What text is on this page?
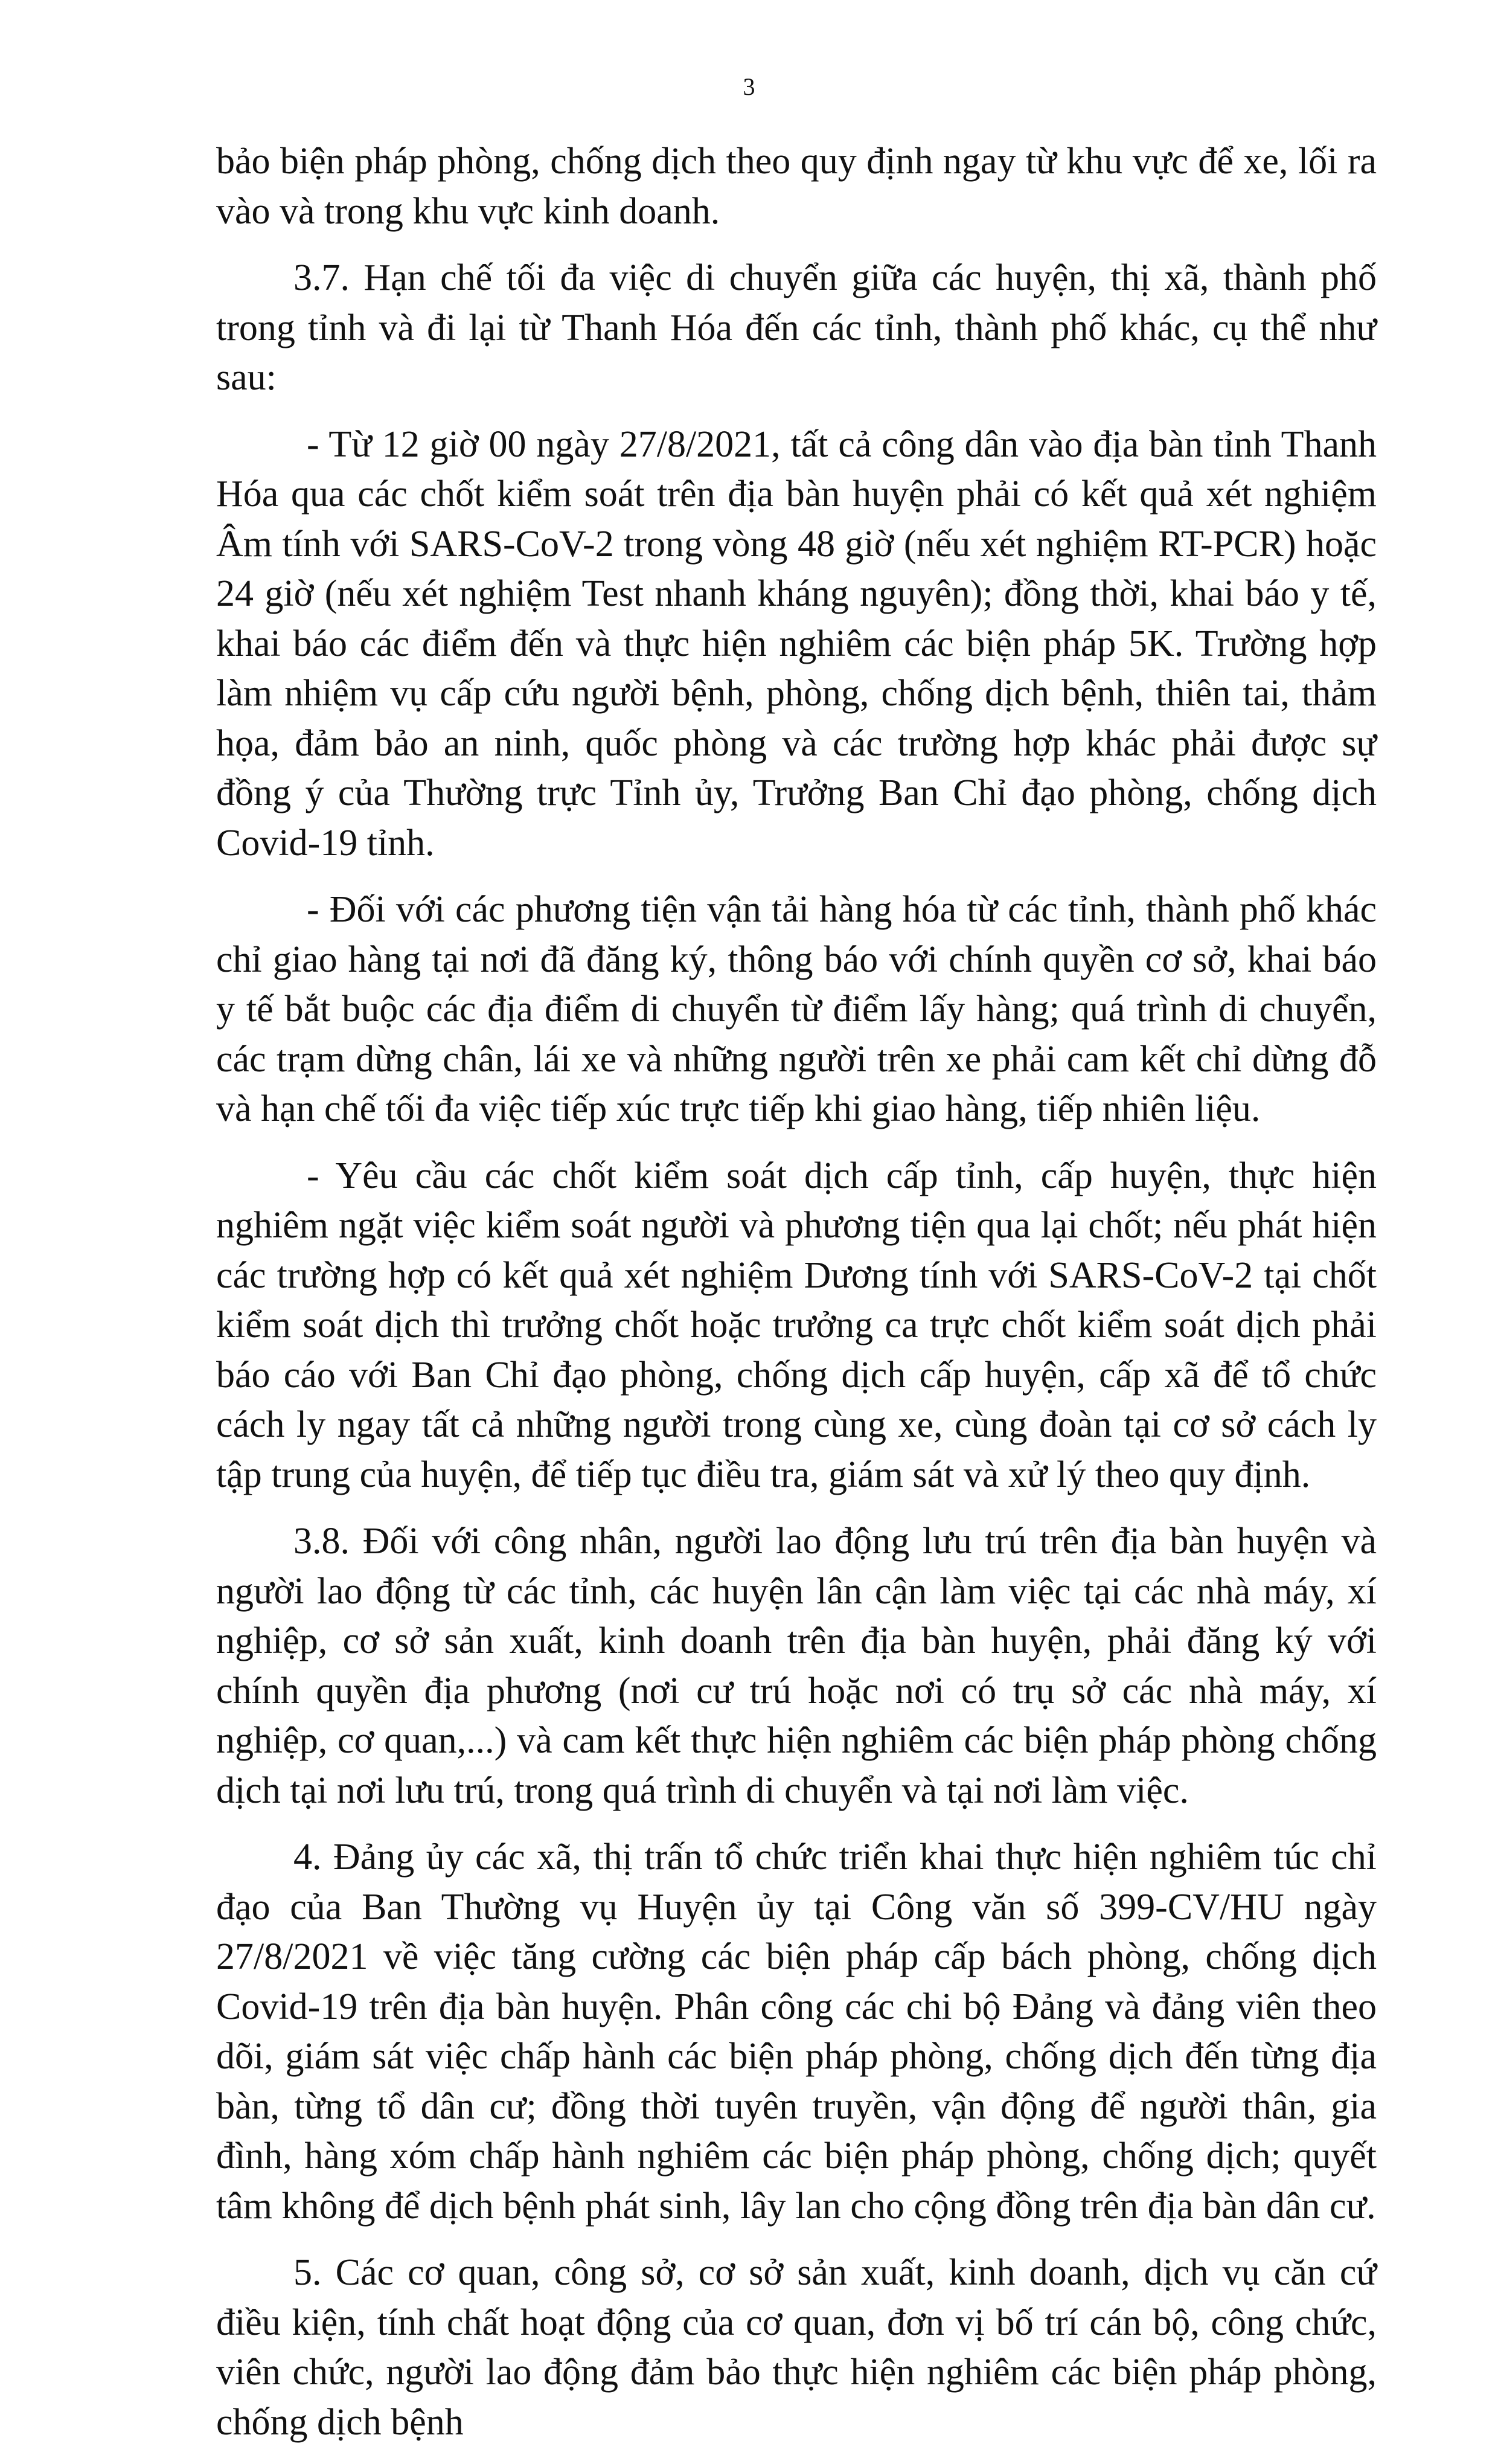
3

bảo biện pháp phòng, chống dịch theo quy định ngay từ khu vực để xe, lối ra vào và trong khu vực kinh doanh.

3.7. Hạn chế tối đa việc di chuyển giữa các huyện, thị xã, thành phố trong tỉnh và đi lại từ Thanh Hóa đến các tỉnh, thành phố khác, cụ thể như sau:

- Từ 12 giờ 00 ngày 27/8/2021, tất cả công dân vào địa bàn tỉnh Thanh Hóa qua các chốt kiểm soát trên địa bàn huyện phải có kết quả xét nghiệm Âm tính với SARS-CoV-2 trong vòng 48 giờ (nếu xét nghiệm RT-PCR) hoặc 24 giờ (nếu xét nghiệm Test nhanh kháng nguyên); đồng thời, khai báo y tế, khai báo các điểm đến và thực hiện nghiêm các biện pháp 5K. Trường hợp làm nhiệm vụ cấp cứu người bệnh, phòng, chống dịch bệnh, thiên tai, thảm họa, đảm bảo an ninh, quốc phòng và các trường hợp khác phải được sự đồng ý của Thường trực Tỉnh ủy, Trưởng Ban Chỉ đạo phòng, chống dịch Covid-19 tỉnh.

- Đối với các phương tiện vận tải hàng hóa từ các tỉnh, thành phố khác chỉ giao hàng tại nơi đã đăng ký, thông báo với chính quyền cơ sở, khai báo y tế bắt buộc các địa điểm di chuyển từ điểm lấy hàng; quá trình di chuyển, các trạm dừng chân, lái xe và những người trên xe phải cam kết chỉ dừng đỗ và hạn chế tối đa việc tiếp xúc trực tiếp khi giao hàng, tiếp nhiên liệu.

- Yêu cầu các chốt kiểm soát dịch cấp tỉnh, cấp huyện, thực hiện nghiêm ngặt việc kiểm soát người và phương tiện qua lại chốt; nếu phát hiện các trường hợp có kết quả xét nghiệm Dương tính với SARS-CoV-2 tại chốt kiểm soát dịch thì trưởng chốt hoặc trưởng ca trực chốt kiểm soát dịch phải báo cáo với Ban Chỉ đạo phòng, chống dịch cấp huyện, cấp xã để tổ chức cách ly ngay tất cả những người trong cùng xe, cùng đoàn tại cơ sở cách ly tập trung của huyện, để tiếp tục điều tra, giám sát và xử lý theo quy định.

3.8. Đối với công nhân, người lao động lưu trú trên địa bàn huyện và người lao động từ các tỉnh, các huyện lân cận làm việc tại các nhà máy, xí nghiệp, cơ sở sản xuất, kinh doanh trên địa bàn huyện, phải đăng ký với chính quyền địa phương (nơi cư trú hoặc nơi có trụ sở các nhà máy, xí nghiệp, cơ quan,...) và cam kết thực hiện nghiêm các biện pháp phòng chống dịch tại nơi lưu trú, trong quá trình di chuyển và tại nơi làm việc.

4. Đảng ủy các xã, thị trấn tổ chức triển khai thực hiện nghiêm túc chỉ đạo của Ban Thường vụ Huyện ủy tại Công văn số 399-CV/HU ngày 27/8/2021 về việc tăng cường các biện pháp cấp bách phòng, chống dịch Covid-19 trên địa bàn huyện. Phân công các chi bộ Đảng và đảng viên theo dõi, giám sát việc chấp hành các biện pháp phòng, chống dịch đến từng địa bàn, từng tổ dân cư; đồng thời tuyên truyền, vận động để người thân, gia đình, hàng xóm chấp hành nghiêm các biện pháp phòng, chống dịch; quyết tâm không để dịch bệnh phát sinh, lây lan cho cộng đồng trên địa bàn dân cư.

5. Các cơ quan, công sở, cơ sở sản xuất, kinh doanh, dịch vụ căn cứ điều kiện, tính chất hoạt động của cơ quan, đơn vị bố trí cán bộ, công chức, viên chức, người lao động đảm bảo thực hiện nghiêm các biện pháp phòng, chống dịch bệnh
